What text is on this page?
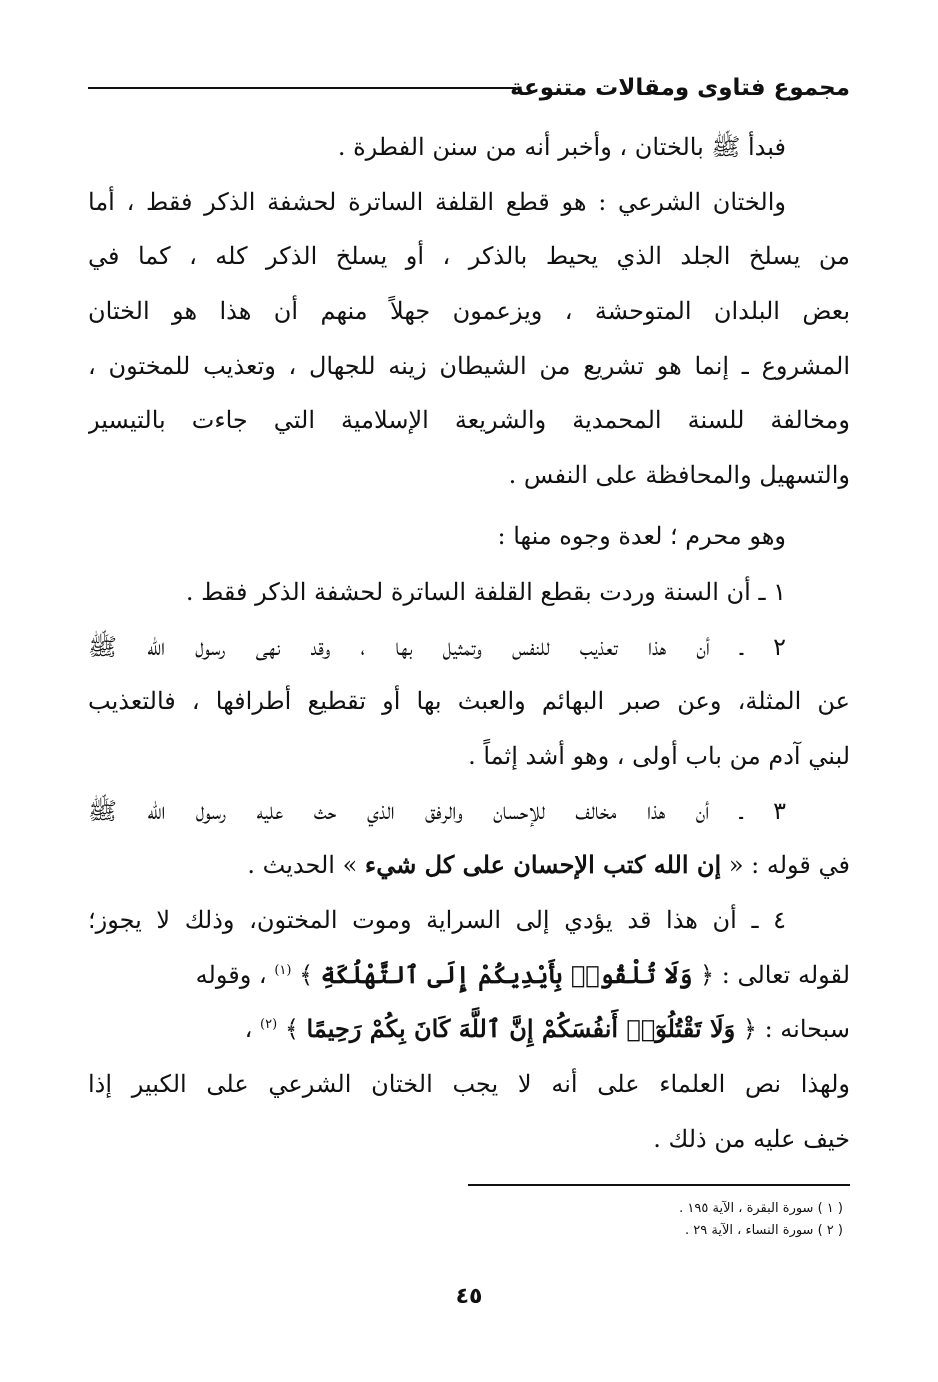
مجموع فتاوى ومقالات متنوعة
فبدأ ﷺ بالختان ، وأخبر أنه من سنن الفطرة .
والختان الشرعي : هو قطع القلفة الساترة لحشفة الذكر فقط ، أما
من يسلخ الجلد الذي يحيط بالذكر ، أو يسلخ الذكر كله ، كما في
بعض البلدان المتوحشة ، ويزعمون جهلاً منهم أن هذا هو الختان
المشروع ـ إنما هو تشريع من الشيطان زينه للجهال ، وتعذيب للمختون ،
ومخالفة للسنة المحمدية والشريعة الإسلامية التي جاءت بالتيسير
والتسهيل والمحافظة على النفس .
وهو محرم ؛ لعدة وجوه منها :
١ ـ أن السنة وردت بقطع القلفة الساترة لحشفة الذكر فقط .
٢ ـ أن هذا تعذيب للنفس وتمثيل بها ، وقد نهى رسول الله ﷺ
عن المثلة، وعن صبر البهائم والعبث بها أو تقطيع أطرافها ، فالتعذيب
لبني آدم من باب أولى ، وهو أشد إثماً .
٣ ـ أن هذا مخالف للإحسان والرفق الذي حث عليه رسول الله ﷺ
في قوله : « إن الله كتب الإحسان على كل شيء » الحديث .
٤ ـ أن هذا قد يؤدي إلى السراية وموت المختون، وذلك لا يجوز؛
لقوله تعالى : ﴿ وَلَا تُلْقُوا۟ بِأَيْدِيكُمْ إِلَى ٱلتَّهْلُكَةِ ﴾ $^{(١)}$ ، وقوله
سبحانه : ﴿ وَلَا تَقْتُلُوٓا۟ أَنفُسَكُمْ إِنَّ ٱللَّهَ كَانَ بِكُمْ رَحِيمًا ﴾ $^{(٢)}$ ،
ولهذا نص العلماء على أنه لا يجب الختان الشرعي على الكبير إذا
خيف عليه من ذلك .
( ١ ) سورة البقرة ، الآية ١٩٥ .
( ٢ ) سورة النساء ، الآية ٢٩ .
٤٥
